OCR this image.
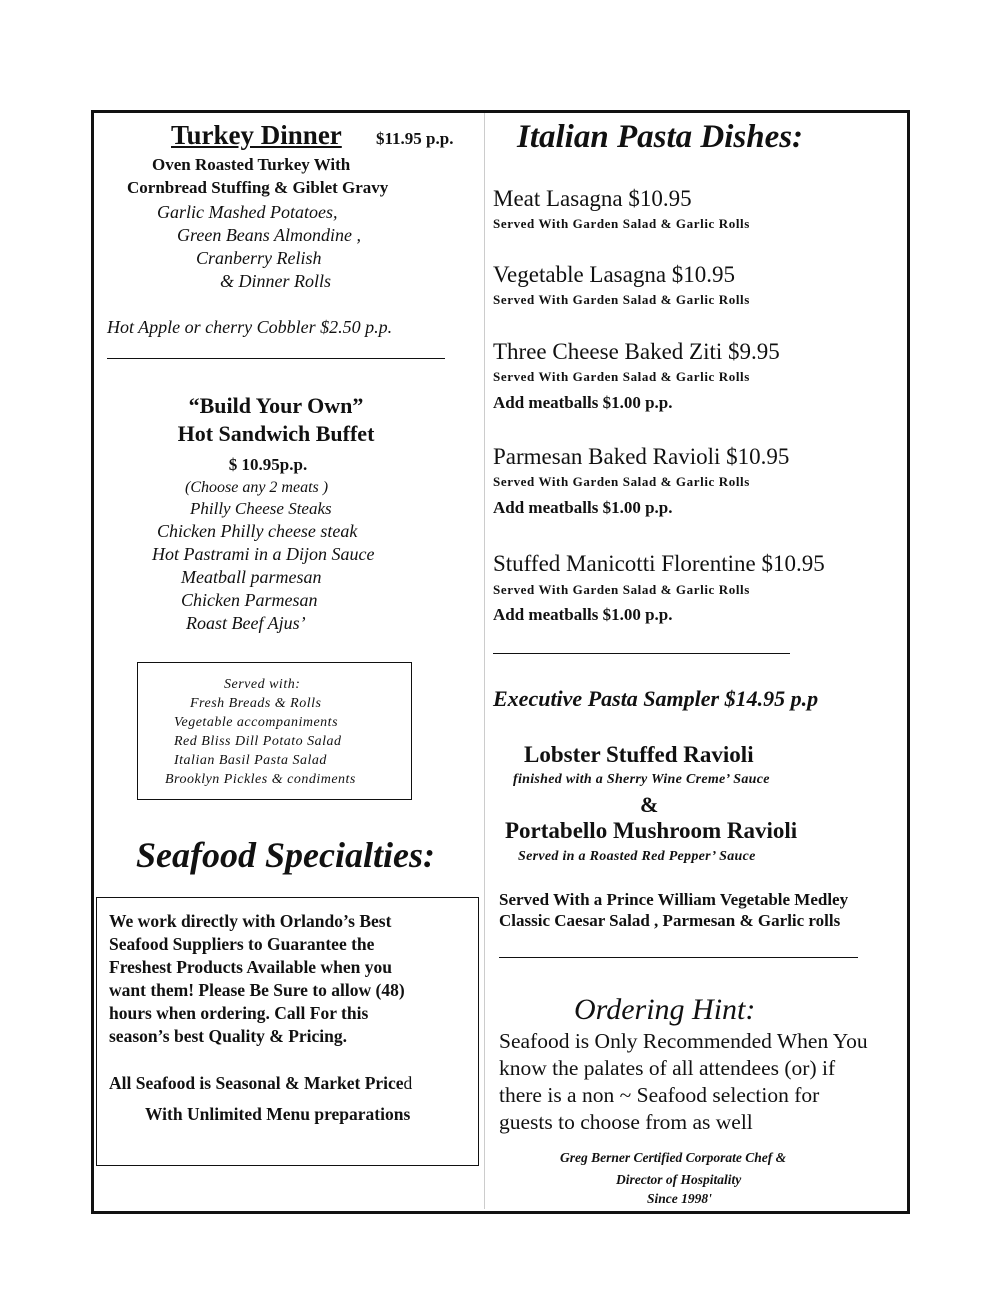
Turkey Dinner $11.95 p.p.
Oven Roasted Turkey With
Cornbread Stuffing & Giblet Gravy
Garlic Mashed Potatoes,
Green Beans Almondine ,
Cranberry Relish
& Dinner Rolls
Hot Apple or cherry Cobbler $2.50 p.p.
“Build Your Own”
Hot Sandwich Buffet
$ 10.95p.p.
(Choose any 2 meats )
Philly Cheese Steaks
Chicken Philly cheese steak
Hot Pastrami in a Dijon Sauce
Meatball parmesan
Chicken Parmesan
Roast Beef Ajus’
Served with:
Fresh Breads & Rolls
Vegetable accompaniments
Red Bliss Dill Potato Salad
Italian Basil Pasta Salad
Brooklyn Pickles & condiments
Seafood Specialties:
We work directly with Orlando’s Best
Seafood Suppliers to Guarantee the
Freshest Products Available when you
want them! Please Be Sure to allow (48)
hours when ordering. Call For this
season’s best Quality & Pricing.
All Seafood is Seasonal & Market Priced
With Unlimited Menu preparations
Italian Pasta Dishes:
Meat Lasagna $10.95
Served With Garden Salad & Garlic Rolls
Vegetable Lasagna $10.95
Served With Garden Salad & Garlic Rolls
Three Cheese Baked Ziti $9.95
Served With Garden Salad & Garlic Rolls
Add meatballs $1.00 p.p.
Parmesan Baked Ravioli $10.95
Served With Garden Salad & Garlic Rolls
Add meatballs $1.00 p.p.
Stuffed Manicotti Florentine $10.95
Served With Garden Salad & Garlic Rolls
Add meatballs $1.00 p.p.
Executive Pasta Sampler $14.95 p.p
Lobster Stuffed Ravioli
finished with a Sherry Wine Creme’ Sauce
&
Portabello Mushroom Ravioli
Served in a Roasted Red Pepper’ Sauce
Served With a Prince William Vegetable Medley
Classic Caesar Salad , Parmesan & Garlic rolls
Ordering Hint:
Seafood is Only Recommended When You
know the palates of all attendees (or) if
there is a non ~ Seafood selection for
guests to choose from as well
Greg Berner Certified Corporate Chef &
Director of Hospitality
Since 1998'
